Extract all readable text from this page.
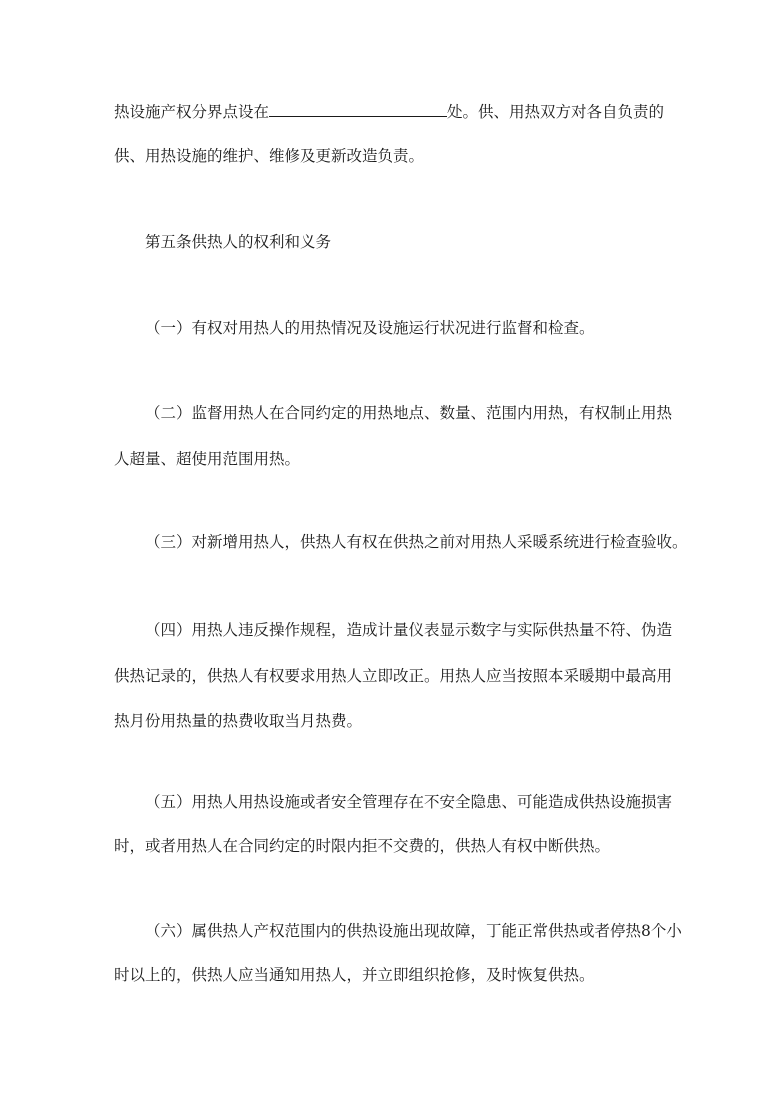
热设施产权分界点设在	处。供、用热双方对各自负责的

供、用热设施的维护、维修及更新改造负责。

第五条供热人的权利和义务

（一）有权对用热人的用热情况及设施运行状况进行监督和检查。

（二）监督用热人在合同约定的用热地点、数量、范围内用热，有权制止用热

人超量、超使用范围用热。

（三）对新增用热人，供热人有权在供热之前对用热人采暖系统进行检查验收。

（四）用热人违反操作规程，造成计量仪表显示数字与实际供热量不符、伪造

供热记录的，供热人有权要求用热人立即改正。用热人应当按照本采暖期中最高用

热月份用热量的热费收取当月热费。

（五）用热人用热设施或者安全管理存在不安全隐患、可能造成供热设施损害

时，或者用热人在合同约定的时限内拒不交费的，供热人有权中断供热。

（六）属供热人产权范围内的供热设施出现故障，丁能正常供热或者停热8个小

时以上的，供热人应当通知用热人，并立即组织抢修，及时恢复供热。
